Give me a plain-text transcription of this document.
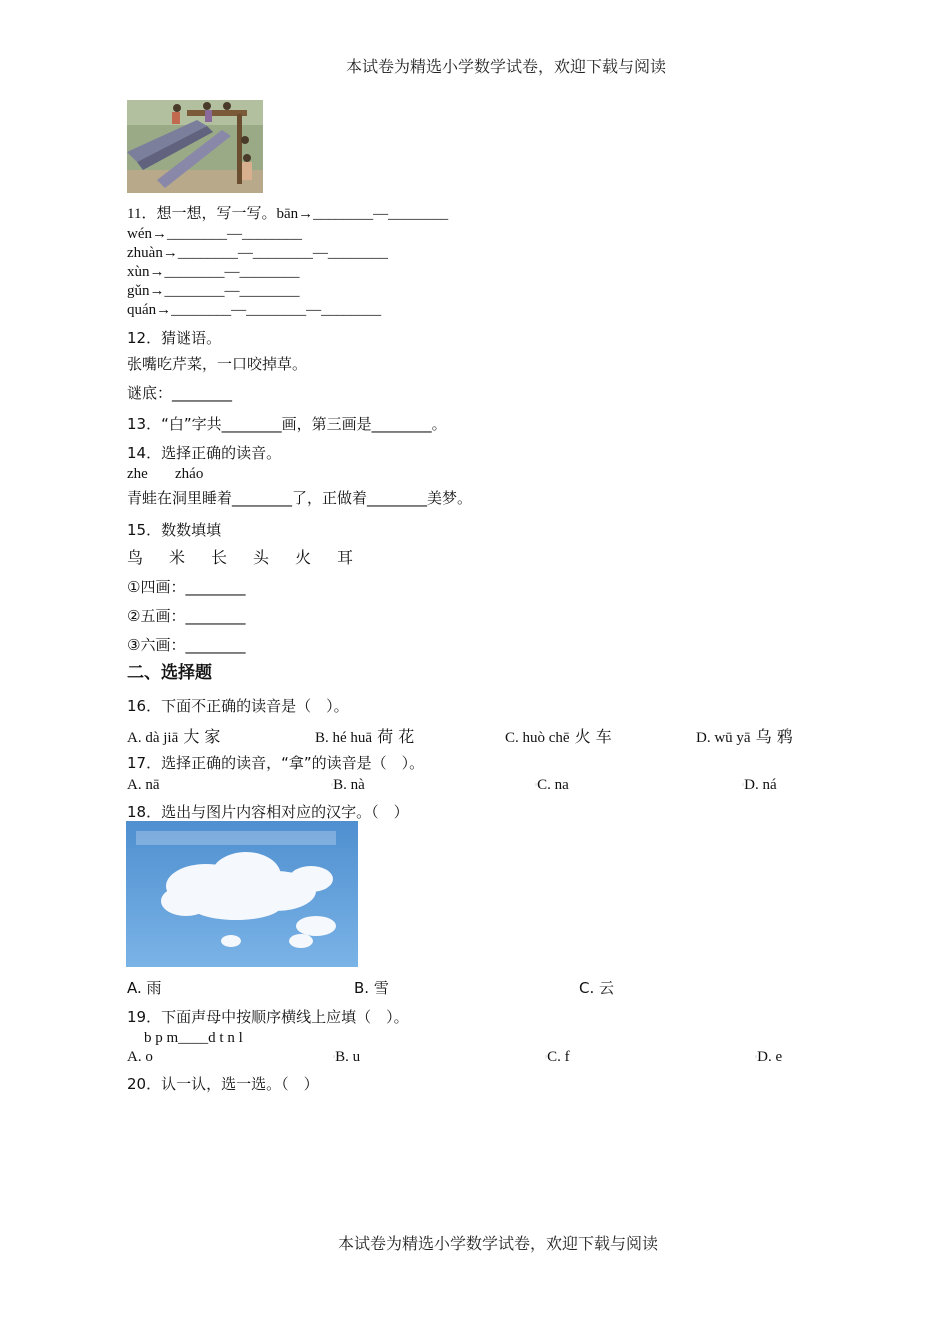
本试卷为精选小学数学试卷，欢迎下载与阅读
11．想一想，写一写。bān→________—________
wén→________—________
zhuàn→________—________—________
xùn→________—________
gǔn→________—________
quán→________—________—________
12．猜谜语。
张嘴吃芹菜，一口咬掉草。
谜底：________
13．“白”字共________画，第三画是________。
14．选择正确的读音。
zhe zháo
青蛙在洞里睡着________了，正做着________美梦。
15．数数填填
鸟 米 长 头 火 耳
①四画：________
②五画：________
③六画：________
二、选择题
16．下面不正确的读音是（　）。
A. dà jiā 大 家	B. hé huā 荷 花	C. huò chē 火 车	D. wū yā 乌 鸦
17．选择正确的读音，“拿”的读音是（　）。
A. nā	▫B. nà	▫C. na	▫D. ná
18．选出与图片内容相对应的汉字。（　）
A. 雨	B. 雪	C. 云
19．下面声母中按顺序横线上应填（　）。
b p m____d t n l
A. o	▫B. u	▫C. f	▫D. e
20．认一认，选一选。（　）
本试卷为精选小学数学试卷，欢迎下载与阅读
